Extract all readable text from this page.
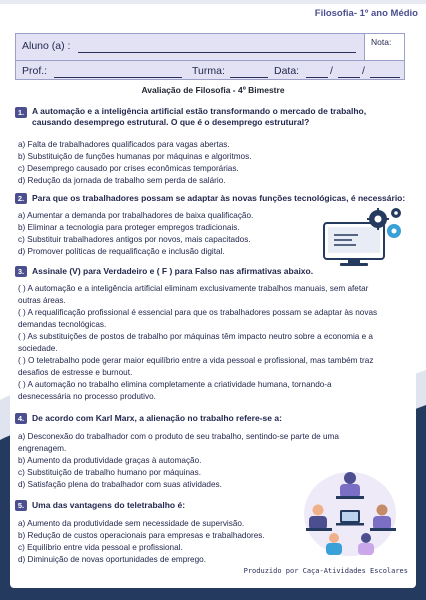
Filosofia- 1º ano Médio
Aluno (a) :	Nota:
Prof.:	Turma:	Data:	/	/
Avaliação de Filosofia - 4º Bimestre
1. A automação e a inteligência artificial estão transformando o mercado de trabalho,
causando desemprego estrutural. O que é o desemprego estrutural?
a) Falta de trabalhadores qualificados para vagas abertas.
b) Substituição de funções humanas por máquinas e algoritmos.
c) Desemprego causado por crises econômicas temporárias.
d) Redução da jornada de trabalho sem perda de salário.
2. Para que os trabalhadores possam se adaptar às novas funções tecnológicas, é necessário:
a) Aumentar a demanda por trabalhadores de baixa qualificação.
b) Eliminar a tecnologia para proteger empregos tradicionais.
c) Substituir trabalhadores antigos por novos, mais capacitados.
d) Promover políticas de requalificação e inclusão digital.
3. Assinale (V) para Verdadeiro e ( F ) para Falso nas afirmativas abaixo.
( ) A automação e a inteligência artificial eliminam exclusivamente trabalhos manuais, sem afetar
outras áreas.
( ) A requalificação profissional é essencial para que os trabalhadores possam se adaptar às novas
demandas tecnológicas.
( ) As substituições de postos de trabalho por máquinas têm impacto neutro sobre a economia e a
sociedade.
( ) O teletrabalho pode gerar maior equilíbrio entre a vida pessoal e profissional, mas também traz
desafios de estresse e burnout.
( ) A automação no trabalho elimina completamente a criatividade humana, tornando-a
desnecessária no processo produtivo.
4. De acordo com Karl Marx, a alienação no trabalho refere-se a:
a) Desconexão do trabalhador com o produto de seu trabalho, sentindo-se parte de uma
engrenagem.
b) Aumento da produtividade graças à automação.
c) Substituição de trabalho humano por máquinas.
d) Satisfação plena do trabalhador com suas atividades.
5. Uma das vantagens do teletrabalho é:
a) Aumento da produtividade sem necessidade de supervisão.
b) Redução de custos operacionais para empresas e trabalhadores.
c) Equilíbrio entre vida pessoal e profissional.
d) Diminuição de novas oportunidades de emprego.
Produzido por Caça-Atividades Escolares
